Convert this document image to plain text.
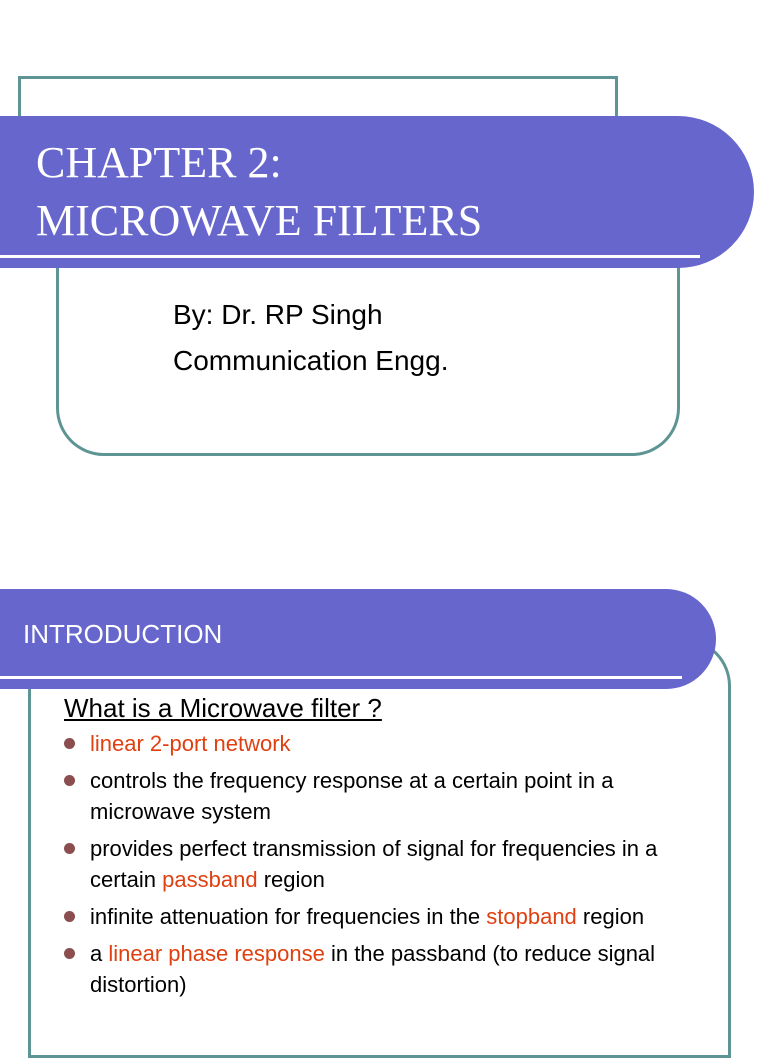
CHAPTER 2:
MICROWAVE FILTERS
By: Dr. RP Singh
Communication Engg.
INTRODUCTION

What is a Microwave filter ?

linear 2-port network
controls the frequency response at a certain point in a microwave system
provides perfect transmission of signal for frequencies in a certain passband region
infinite attenuation for frequencies in the stopband region
a linear phase response in the passband (to reduce signal distortion)
